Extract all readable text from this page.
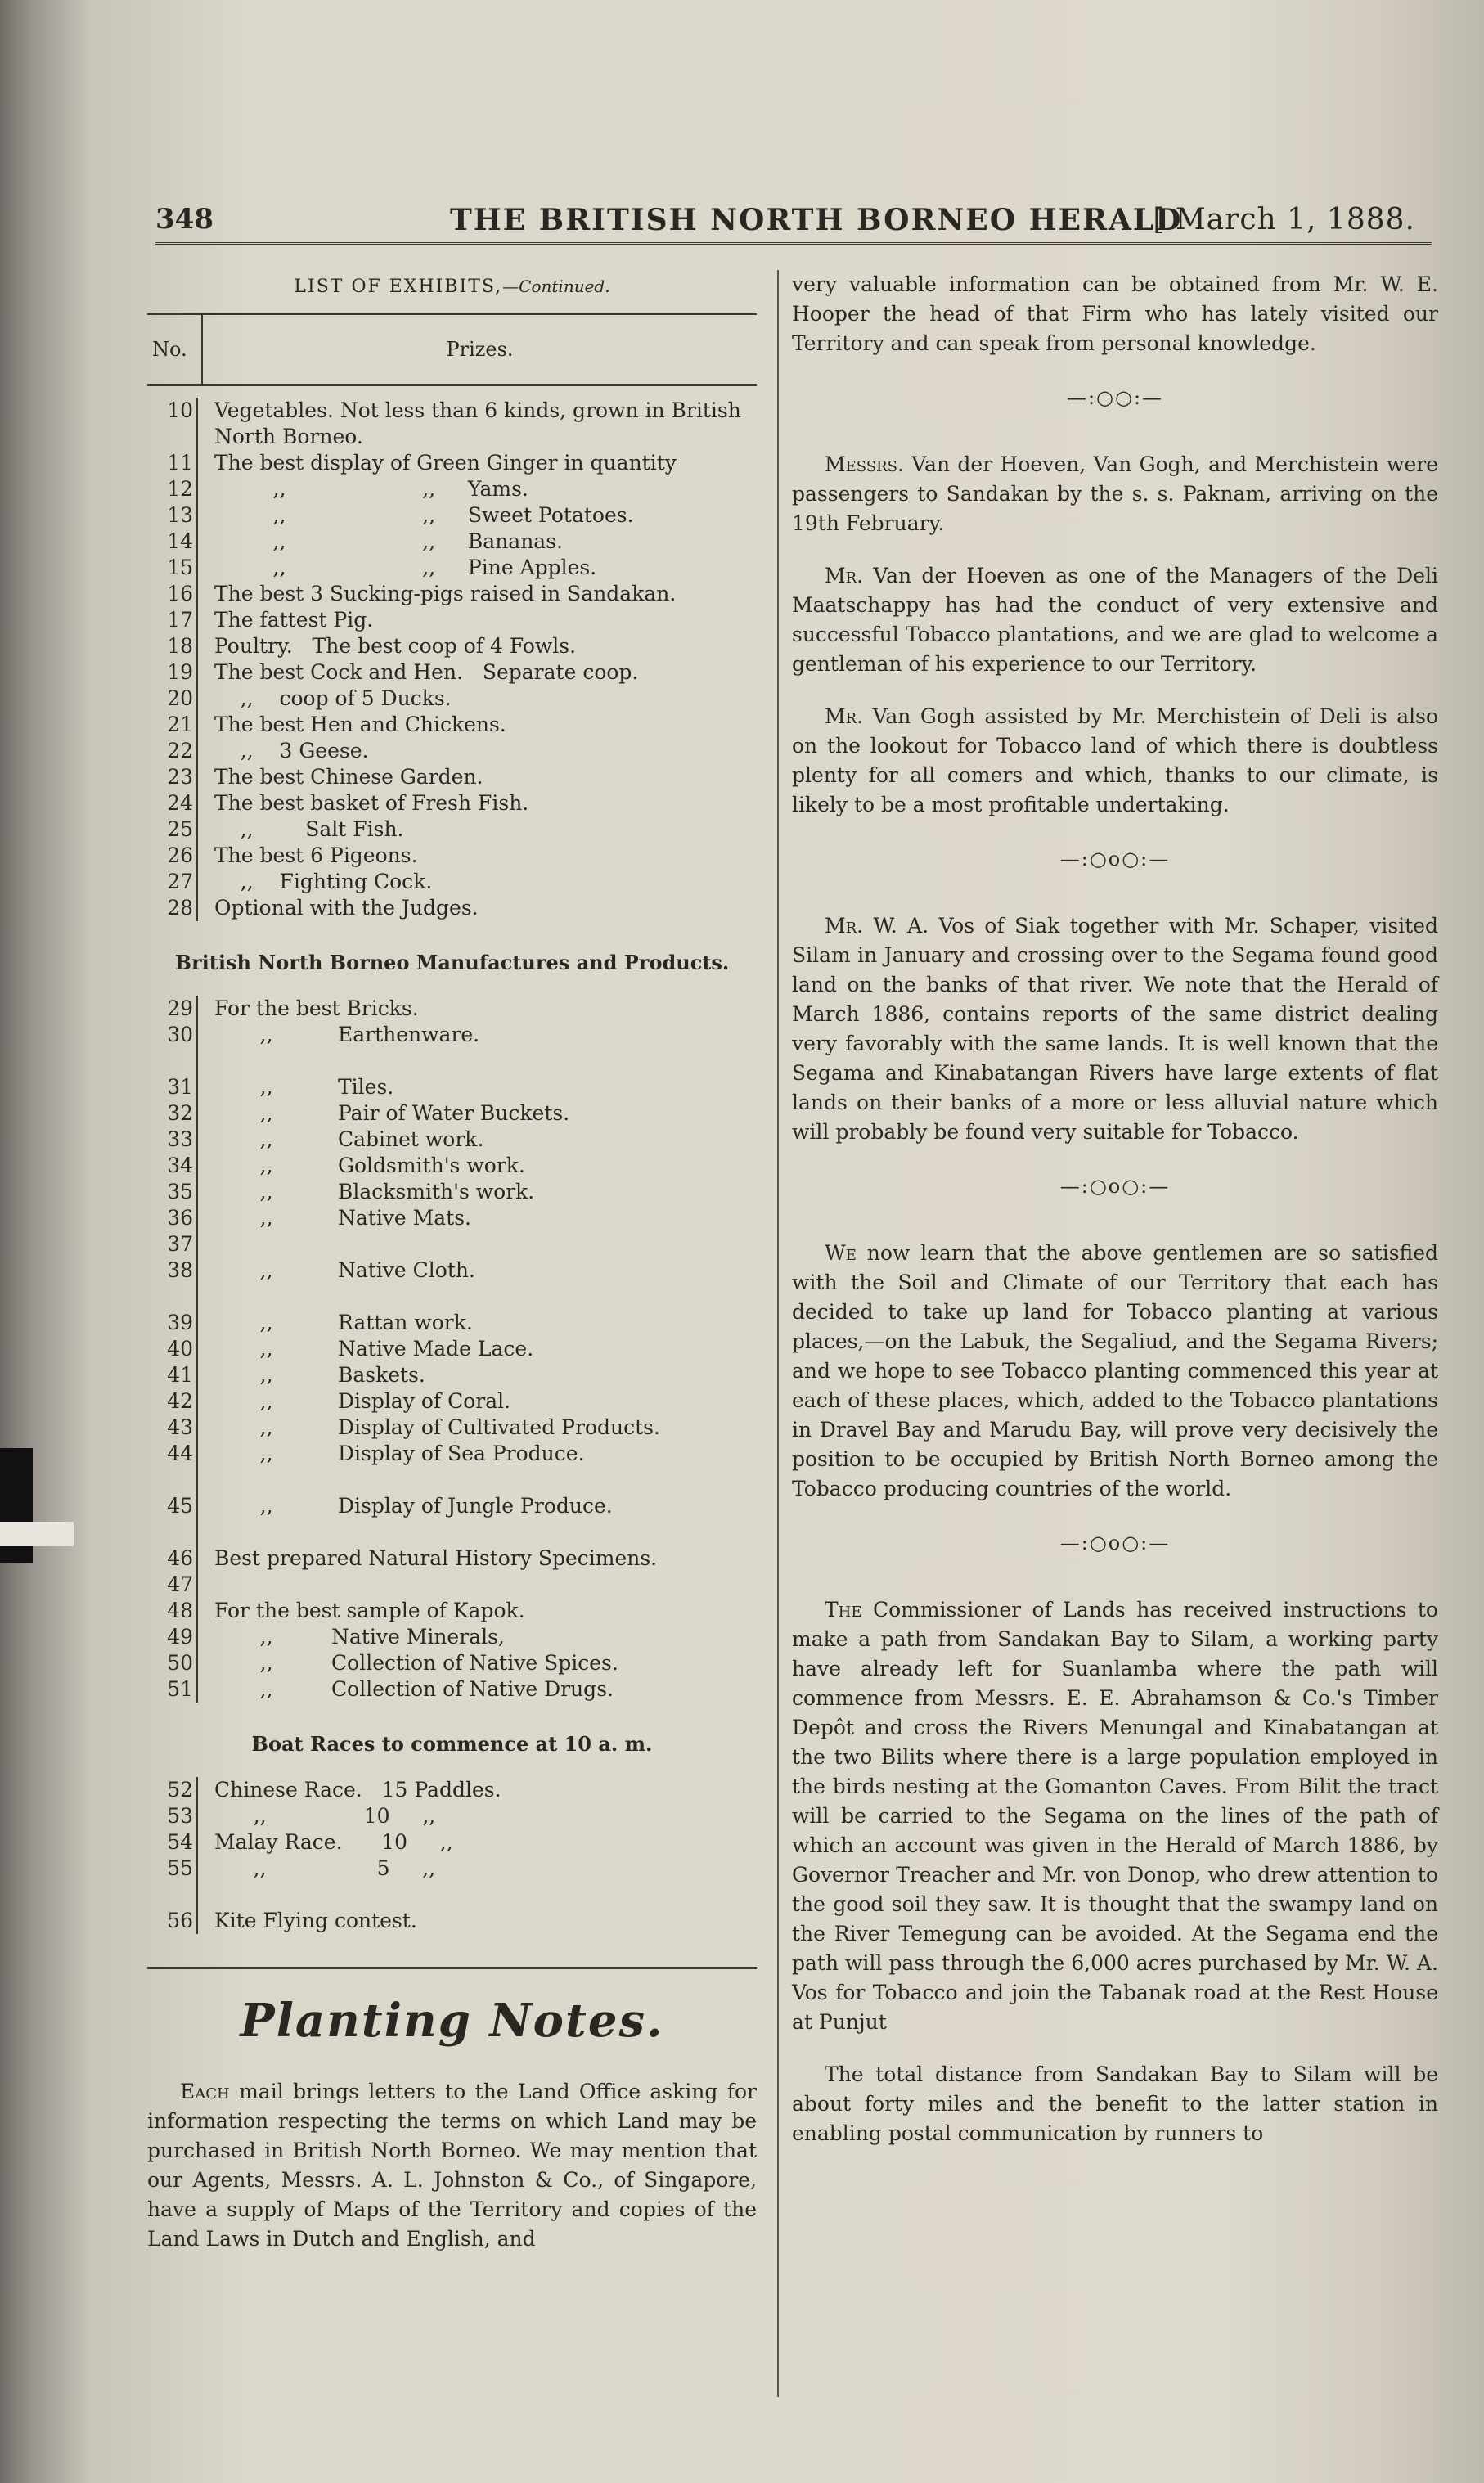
348	THE BRITISH NORTH BORNEO HERALD
[ March 1, 1888.
LIST OF EXHIBITS,—Continued.
No.	Prizes.
10	Vegetables. Not less than 6 kinds, grown in British North Borneo.
11	The best display of Green Ginger in quantity
12	,,                     ,,     Yams.
13	,,                     ,,     Sweet Potatoes.
14	,,                     ,,     Bananas.
15	,,                     ,,     Pine Apples.
16	The best 3 Sucking-pigs raised in Sandakan.
17	The fattest Pig.
18	Poultry.   The best coop of 4 Fowls.
19	The best Cock and Hen.   Separate coop.
20	,,    coop of 5 Ducks.
21	The best Hen and Chickens.
22	,,    3 Geese.
23	The best Chinese Garden.
24	The best basket of Fresh Fish.
25	,,        Salt Fish.
26	The best 6 Pigeons.
27	,,    Fighting Cock.
28	Optional with the Judges.
British North Borneo Manufactures and Products.
29	For the best Bricks.
30	,,          Earthenware.

31	,,          Tiles.
32	,,          Pair of Water Buckets.
33	,,          Cabinet work.
34	,,          Goldsmith's work.
35	,,          Blacksmith's work.
36	,,          Native Mats.
37

38	,,          Native Cloth.

39	,,          Rattan work.
40	,,          Native Made Lace.
41	,,          Baskets.
42	,,          Display of Coral.
43	,,          Display of Cultivated Products.
44	,,          Display of Sea Produce.

45	,,          Display of Jungle Produce.

46	Best prepared Natural History Specimens.
47

48	For the best sample of Kapok.
49	,,         Native Minerals,
50	,,         Collection of Native Spices.
51	,,         Collection of Native Drugs.
Boat Races to commence at 10 a. m.
52	Chinese Race.   15 Paddles.
53	,,               10     ,,
54	Malay Race.      10     ,,
55	,,                 5     ,,

56	Kite Flying contest.
Planting Notes.

Each mail brings letters to the Land Office asking for information respecting the terms on which Land may be purchased in British North Borneo. We may mention that our Agents, Messrs. A. L. Johnston & Co., of Singapore, have a supply of Maps of the Territory and copies of the Land Laws in Dutch and English, and

very valuable information can be obtained from Mr. W. E. Hooper the head of that Firm who has lately visited our Territory and can speak from personal knowledge.

—:○○:—

Messrs. Van der Hoeven, Van Gogh, and Merchistein were passengers to Sandakan by the s. s. Paknam, arriving on the 19th February.

Mr. Van der Hoeven as one of the Managers of the Deli Maatschappy has had the conduct of very extensive and successful Tobacco plantations, and we are glad to welcome a gentleman of his experience to our Territory.

Mr. Van Gogh assisted by Mr. Merchistein of Deli is also on the lookout for Tobacco land of which there is doubtless plenty for all comers and which, thanks to our climate, is likely to be a most profitable undertaking.

—:○o○:—

Mr. W. A. Vos of Siak together with Mr. Schaper, visited Silam in January and crossing over to the Segama found good land on the banks of that river. We note that the Herald of March 1886, contains reports of the same district dealing very favorably with the same lands. It is well known that the Segama and Kinabatangan Rivers have large extents of flat lands on their banks of a more or less alluvial nature which will probably be found very suitable for Tobacco.

—:○o○:—

We now learn that the above gentlemen are so satisfied with the Soil and Climate of our Territory that each has decided to take up land for Tobacco planting at various places,—on the Labuk, the Segaliud, and the Segama Rivers; and we hope to see Tobacco planting commenced this year at each of these places, which, added to the Tobacco plantations in Dravel Bay and Marudu Bay, will prove very decisively the position to be occupied by British North Borneo among the Tobacco producing countries of the world.

—:○o○:—

The Commissioner of Lands has received instructions to make a path from Sandakan Bay to Silam, a working party have already left for Suanlamba where the path will commence from Messrs. E. E. Abrahamson & Co.'s Timber Depôt and cross the Rivers Menungal and Kinabatangan at the two Bilits where there is a large population employed in the birds nesting at the Gomanton Caves. From Bilit the tract will be carried to the Segama on the lines of the path of which an account was given in the Herald of March 1886, by Governor Treacher and Mr. von Donop, who drew attention to the good soil they saw. It is thought that the swampy land on the River Temegung can be avoided. At the Segama end the path will pass through the 6,000 acres purchased by Mr. W. A. Vos for Tobacco and join the Tabanak road at the Rest House at Punjut

The total distance from Sandakan Bay to Silam will be about forty miles and the benefit to the latter station in enabling postal communication by runners to
